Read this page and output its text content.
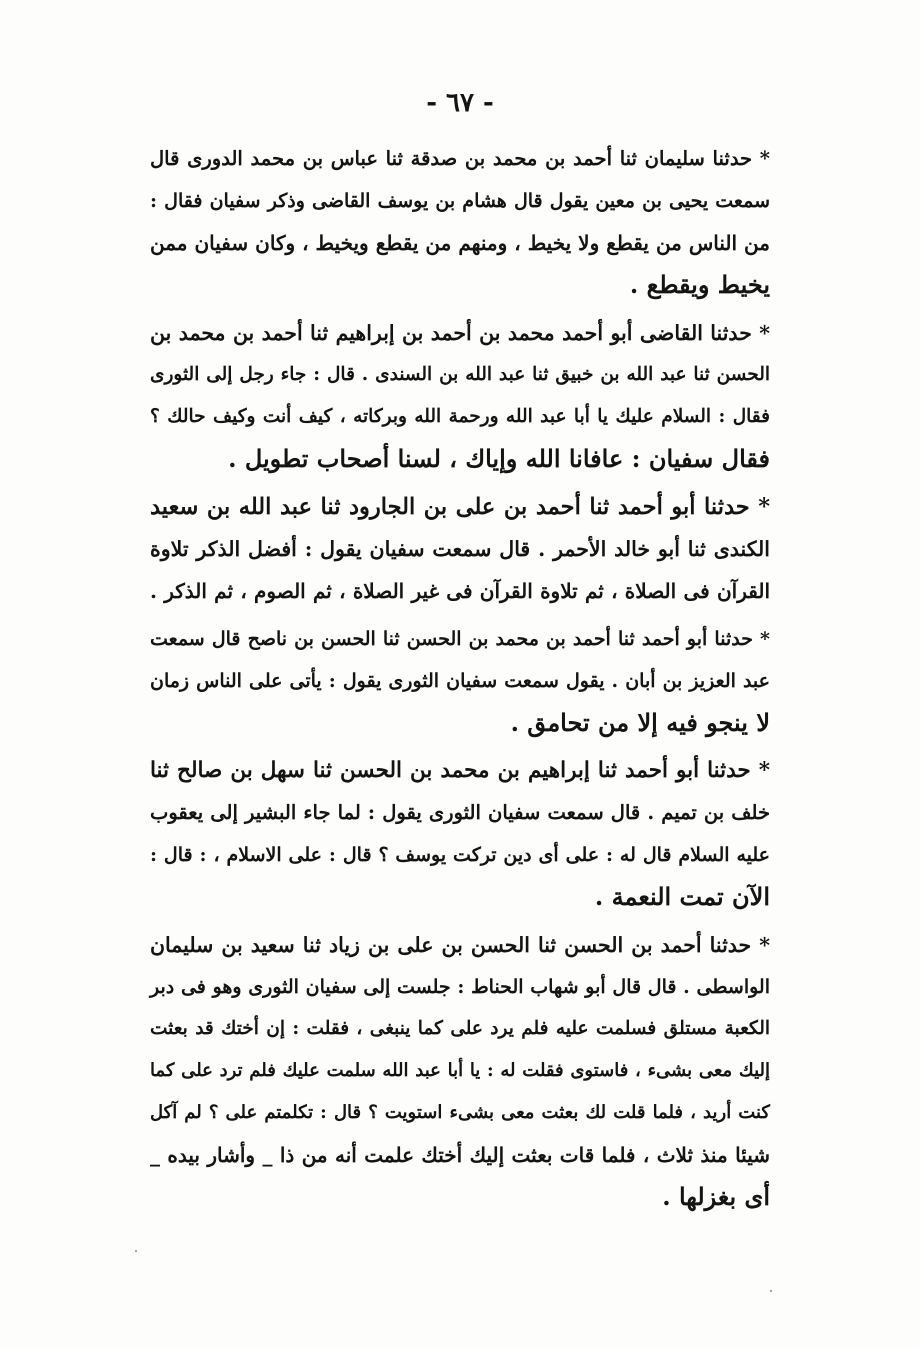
- ٦٧ -
* حدثنا سليمان ثنا أحمد بن محمد بن صدقة ثنا عباس بن محمد الدورى قال
سمعت يحيى بن معين يقول قال هشام بن يوسف القاضى وذكر سفيان فقال :
من الناس من يقطع ولا يخيط ، ومنهم من يقطع ويخيط ، وكان سفيان ممن
يخيط ويقطع .
* حدثنا القاضى أبو أحمد محمد بن أحمد بن إبراهيم ثنا أحمد بن محمد بن
الحسن ثنا عبد الله بن خبيق ثنا عبد الله بن السندى . قال : جاء رجل إلى الثورى
فقال : السلام عليك يا أبا عبد الله ورحمة الله وبركاته ، كيف أنت وكيف حالك ؟
فقال سفيان : عافانا الله وإياك ، لسنا أصحاب تطويل .
* حدثنا أبو أحمد ثنا أحمد بن على بن الجارود ثنا عبد الله بن سعيد
الكندى ثنا أبو خالد الأحمر . قال سمعت سفيان يقول : أفضل الذكر تلاوة
القرآن فى الصلاة ، ثم تلاوة القرآن فى غير الصلاة ، ثم الصوم ، ثم الذكر .
* حدثنا أبو أحمد ثنا أحمد بن محمد بن الحسن ثنا الحسن بن ناصح قال سمعت
عبد العزيز بن أبان . يقول سمعت سفيان الثورى يقول : يأتى على الناس زمان
لا ينجو فيه إلا من تحامق .
* حدثنا أبو أحمد ثنا إبراهيم بن محمد بن الحسن ثنا سهل بن صالح ثنا
خلف بن تميم . قال سمعت سفيان الثورى يقول : لما جاء البشير إلى يعقوب
عليه السلام قال له : على أى دين تركت يوسف ؟ قال : على الاسلام ، : قال :
الآن تمت النعمة .
* حدثنا أحمد بن الحسن ثنا الحسن بن على بن زياد ثنا سعيد بن سليمان
الواسطى . قال قال أبو شهاب الحناط : جلست إلى سفيان الثورى وهو فى دبر
الكعبة مستلق فسلمت عليه فلم يرد على كما ينبغى ، فقلت : إن أختك قد بعثت
إليك معى بشىء ، فاستوى فقلت له : يا أبا عبد الله سلمت عليك فلم ترد على كما
كنت أريد ، فلما قلت لك بعثت معى بشىء استويت ؟ قال : تكلمتم على ؟ لم آكل
شيئا منذ ثلاث ، فلما قات بعثت إليك أختك علمت أنه من ذا _ وأشار بيده _
أى بغزلها .
